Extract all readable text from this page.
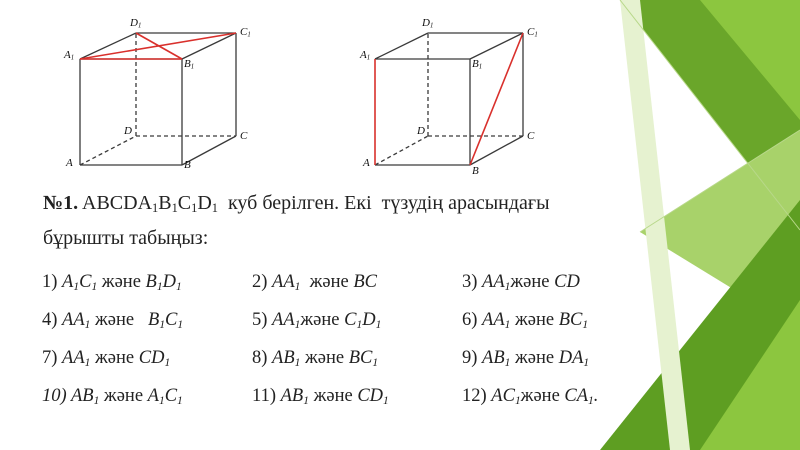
A	B
C
D
$A_1$	$B_1$
$C_1$
$D_1$
A
B
C
D
$A_1$	$B_1$
$C_1$
$D_1$
№1. $ABCDA_1B_1C_1D_1$  куб берілген. Екі  түзудің арасындағы
бұрышты табыңыз:
1) $A_1C_1$ және $B_1D_1$	2) $AA_1$  және BC	3) $AA_1және$ CD
4) $AA_1$ және   $B_1C_1$	5) $AA_1және$ $C_1D_1$	6) $AA_1$ және $BC_1$
7) $AA_1$ және $CD_1$	8) $AB_1$ және $BC_1$	9) $AB_1$ және $DA_1$
10) $AB_1$ және $A_1C_1$	11) $AB_1$ және $CD_1$	12) $AC_1және$ $CA_1$.
